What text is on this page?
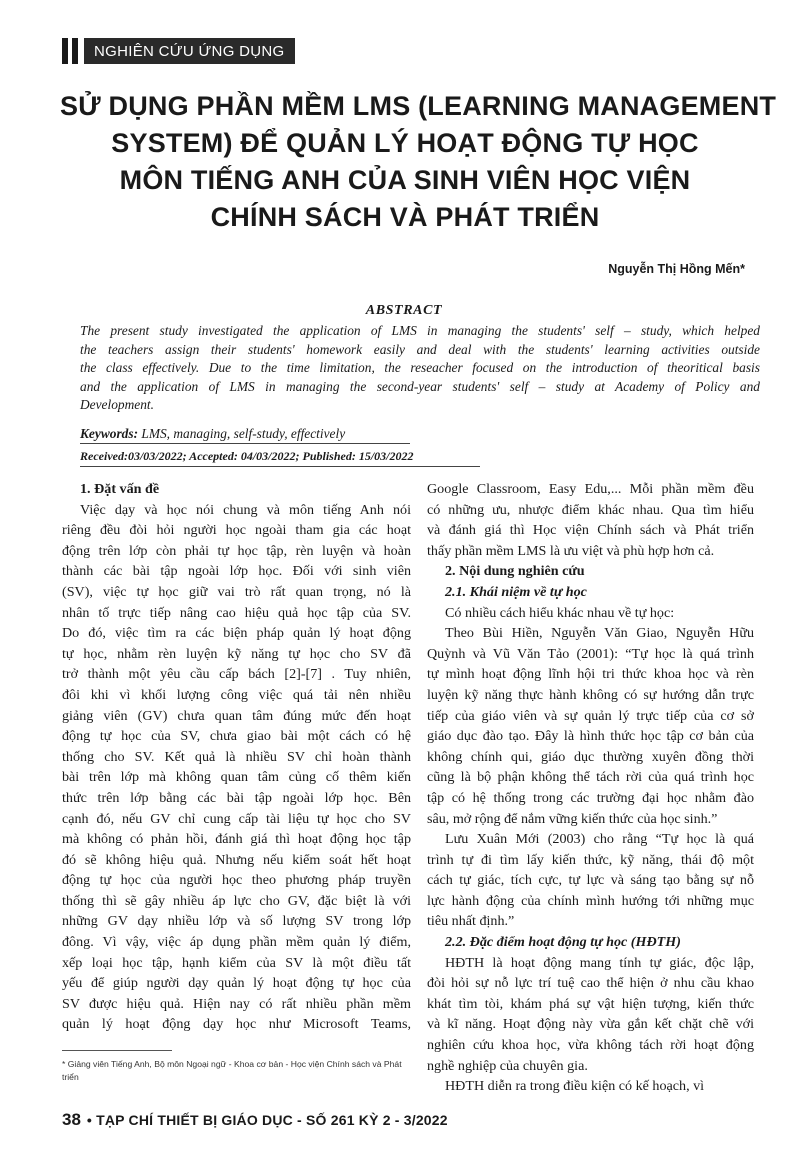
NGHIÊN CỨU ỨNG DỤNG
SỬ DỤNG PHẦN MỀM LMS (LEARNING MANAGEMENT
SYSTEM) ĐỂ QUẢN LÝ HOẠT ĐỘNG TỰ HỌC
MÔN TIẾNG ANH CỦA SINH VIÊN HỌC VIỆN
CHÍNH SÁCH VÀ PHÁT TRIỂN
Nguyễn Thị Hồng Mến*
ABSTRACT
The present study investigated the application of LMS in managing the students' self – study, which helped
the teachers assign their students' homework easily and deal with the students' learning activities outside
the class effectively. Due to the time limitation, the reseacher focused on the introduction of theoritical basis
and the application of LMS in managing the second-year students' self – study at Academy of Policy and
Development.
Keywords: LMS, managing, self-study, effectively
Received:03/03/2022; Accepted: 04/03/2022; Published: 15/03/2022
1. Đặt vấn đề
Việc dạy và học nói chung và môn tiếng Anh nói
riêng đều đòi hỏi người học ngoài tham gia các hoạt
động trên lớp còn phải tự học tập, rèn luyện và hoàn
thành các bài tập ngoài lớp học. Đối với sinh viên
(SV), việc tự học giữ vai trò rất quan trọng, nó là
nhân tố trực tiếp nâng cao hiệu quả học tập của SV.
Do đó, việc tìm ra các biện pháp quản lý hoạt động
tự học, nhằm rèn luyện kỹ năng tự học cho SV đã
trở thành một yêu cầu cấp bách [2]-[7] . Tuy nhiên,
đôi khi vì khối lượng công việc quá tải nên nhiều
giảng viên (GV) chưa quan tâm đúng mức đến hoạt
động tự học của SV, chưa giao bài một cách có hệ
thống cho SV. Kết quả là nhiều SV chỉ hoàn thành
bài trên lớp mà không quan tâm củng cố thêm kiến
thức trên lớp bằng các bài tập ngoài lớp học. Bên
cạnh đó, nếu GV chỉ cung cấp tài liệu tự học cho SV
mà không có phản hồi, đánh giá thì hoạt động học tập
đó sẽ không hiệu quả. Nhưng nếu kiểm soát hết hoạt
động tự học của người học theo phương pháp truyền
thống thì sẽ gây nhiều áp lực cho GV, đặc biệt là với
những GV dạy nhiều lớp và số lượng SV trong lớp
đông. Vì vậy, việc áp dụng phần mềm quản lý điểm,
xếp loại học tập, hạnh kiểm của SV là một điều tất
yếu để giúp người dạy quản lý hoạt động tự học của
SV được hiệu quả. Hiện nay có rất nhiều phần mềm
quản lý hoạt động dạy học như Microsoft Teams,
Google Classroom, Easy Edu,... Mỗi phần mềm đều
có những ưu, nhược điểm khác nhau. Qua tìm hiểu
và đánh giá thì Học viện Chính sách và Phát triển
thấy phần mềm LMS là ưu việt và phù hợp hơn cả.
2. Nội dung nghiên cứu
2.1. Khái niệm về tự học
Có nhiều cách hiểu khác nhau về tự học:
Theo Bùi Hiền, Nguyễn Văn Giao, Nguyễn Hữu
Quỳnh và Vũ Văn Tảo (2001): “Tự học là quá trình
tự mình hoạt động lĩnh hội tri thức khoa học và rèn
luyện kỹ năng thực hành không có sự hướng dẫn trực
tiếp của giáo viên và sự quản lý trực tiếp của cơ sở
giáo dục đào tạo. Đây là hình thức học tập cơ bản của
không chính qui, giáo dục thường xuyên đồng thời
cũng là bộ phận không thể tách rời của quá trình học
tập có hệ thống trong các trường đại học nhằm đào
sâu, mở rộng để nắm vững kiến thức của học sinh.”
Lưu Xuân Mới (2003) cho rằng “Tự học là quá
trình tự đi tìm lấy kiến thức, kỹ năng, thái độ một
cách tự giác, tích cực, tự lực và sáng tạo bằng sự nỗ
lực hành động của chính mình hướng tới những mục
tiêu nhất định.”
2.2. Đặc điểm hoạt động tự học (HĐTH)
HĐTH là hoạt động mang tính tự giác, độc lập,
đòi hỏi sự nỗ lực trí tuệ cao thể hiện ở nhu cầu khao
khát tìm tòi, khám phá sự vật hiện tượng, kiến thức
và kĩ năng. Hoạt động này vừa gắn kết chặt chẽ với
nghiên cứu khoa học, vừa không tách rời hoạt động
nghề nghiệp của chuyên gia.
HĐTH diễn ra trong điều kiện có kế hoạch, vì
* Giảng viên Tiếng Anh, Bộ môn Ngoại ngữ - Khoa cơ bản - Học viện Chính sách và Phát triển
38 • TẠP CHÍ THIẾT BỊ GIÁO DỤC - SỐ 261 KỲ 2 - 3/2022
